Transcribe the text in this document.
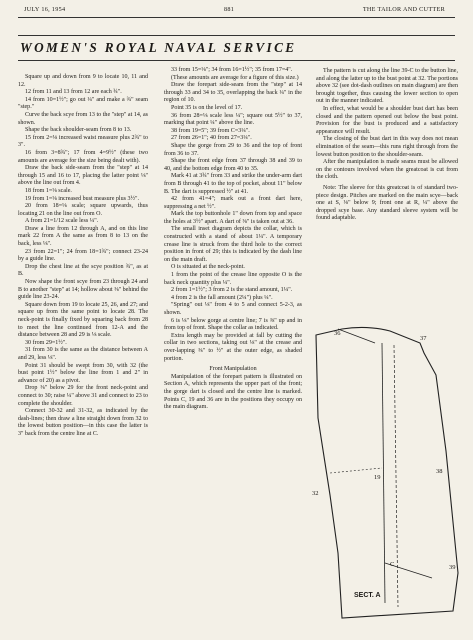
JULY 16, 1954	881	THE TAILOR AND CUTTER
WOMEN'S ROYAL NAVAL SERVICE

Square up and down from 9 to locate 10, 11 and 12.

12 from 11 and 13 from 12 are each ¾".

14 from 10=1½"; go out ¼" and make a ¾" seam "step."

Curve the back scye from 13 to the "step" at 14, as shown.

Shape the back shoulder-seam from 8 to 13.

15 from 2=⅛ increased waist measure plus 2¾" to 3".

16 from 3=8¾"; 17 from 4=9½" (these two amounts are average for the size being dealt with).

Draw the back side-seam from the "step" at 14 through 15 and 16 to 17, placing the latter point ⅛" above the line out from 4.

18 from 1=⅛ scale.

19 from 1=⅛ increased bust measure plus 3½".

20 from 18=⅛ scale; square upwards, thus locating 21 on the line out from O.

A from 21=1/12 scale less ¼".

Draw a line from 12 through A, and on this line mark 22 from A the same as from 8 to 13 on the back, less ⅛".

23 from 22=1"; 24 from 18=1¾"; connect 23-24 by a guide line.

Drop the chest line at the scye position ¾", as at B.

Now shape the front scye from 23 through 24 and B to another "step" at 14; hollow about ⅜" behind the guide line 23-24.

Square down from 19 to locate 25, 26, and 27; and square up from the same point to locate 28. The neck-point is finally fixed by squaring back from 28 to meet the line continued from 12-A and the distance between 28 and 29 is ⅛ scale.

30 from 29=1½".

31 from 30 is the same as the distance between A and 29, less ⅛".

Point 31 should be swept from 30, with 32 (the bust point 1½" below the line from 1 and 2" in advance of 20) as a pivot.

Drop ⅜" below 29 for the front neck-point and connect to 30; raise ¼" above 31 and connect to 23 to complete the shoulder.

Connect 30-32 and 31-32, as indicated by the dash-lines; then draw a line straight down from 32 to the lowest button position—in this case the latter is 3" back from the centre line at C.

33 from 15=⅛"; 34 from 16=1½"; 35 from 17=4".

(These amounts are average for a figure of this size.)

Draw the forepart side-seam from the "step" at 14 through 33 and 34 to 35, overlapping the back ¼" in the region of 10.

Point 35 is on the level of 17.

36 from 28=⅛ scale less ¼"; square out 5½" to 37, marking that point ¼" above the line.

38 from 19=5"; 39 from C=3¼".

27 from 26=1"; 40 from 27=3¼".

Shape the gorge from 29 to 36 and the top of front from 36 to 37.

Shape the front edge from 37 through 38 and 39 to 40, and the bottom edge from 40 to 35.

Mark 41 at 3¾" from 33 and strike the under-arm dart from B through 41 to the top of pocket, about 11" below B. The dart is suppressed ½" at 41.

42 from 41=4"; mark out a front dart here, suppressing a net ½".

Mark the top buttonhole 1" down from top and space the holes at 3½" apart. A dart of ⅜" is taken out at 36.

The small inset diagram depicts the collar, which is constructed with a stand of about 1¼". A temporary crease line is struck from the third hole to the correct position in front of 29; this is indicated by the dash line on the main draft.

O is situated at the neck-point.

1 from the point of the crease line opposite O is the back neck quantity plus ¼".

2 from 1=1½"; 3 from 2 is the stand amount, 1¼".

4 from 2 is the fall amount (2¼") plus ¼".

"Spring" out ⅛" from 4 to 5 and connect 5-2-3, as shown.

6 is ⅛" below gorge at centre line; 7 is ⅜" up and in from top of front. Shape the collar as indicated.

Extra length may be provided at fall by cutting the collar in two sections, taking out ⅛" at the crease and over-lapping ⅜" to ½" at the outer edge, as shaded portion.

Front Manipulation

Manipulation of the forepart pattern is illustrated on Section A, which represents the upper part of the front; the gorge dart is closed and the centre line is marked. Points C, 19 and 36 are in the positions they occupy on the main diagram.

The pattern is cut along the line 39-C to the button line, and along the latter up to the bust point at 32. The portions above 32 (see dot-dash outlines on main diagram) are then brought together, thus causing the lower section to open out in the manner indicated.

In effect, what would be a shoulder bust dart has been closed and the pattern opened out below the bust point. Provision for the bust is produced and a satisfactory appearance will result.

The closing of the bust dart in this way does not mean elimination of the seam—this runs right through from the lowest button position to the shoulder-seam.

After the manipulation is made seams must be allowed on the contours involved when the greatcoat is cut from the cloth.

Note: The sleeve for this greatcoat is of standard two-piece design. Pitches are marked on the main scye—back one at S, ⅛" below 9; front one at R, ¼" above the dropped scye base. Any standard sleeve system will be found adaptable.

36
37
19
38
32
C	39
SECT. A
